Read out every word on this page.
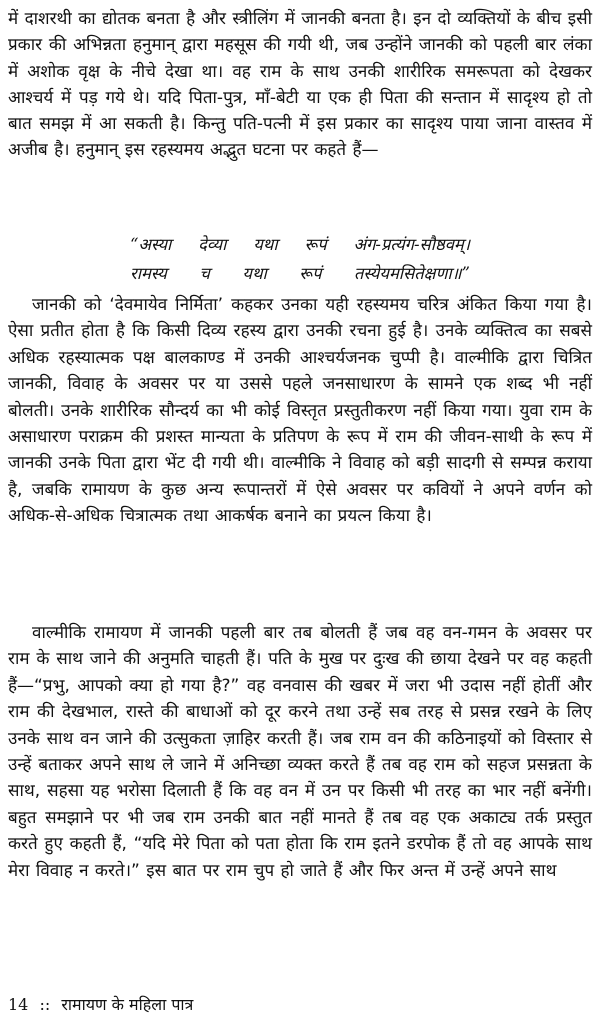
में दाशरथी का द्योतक बनता है और स्त्रीलिंग में जानकी बनता है। इन दो व्यक्तियों के बीच इसी प्रकार की अभिन्नता हनुमान् द्वारा महसूस की गयी थी, जब उन्होंने जानकी को पहली बार लंका में अशोक वृक्ष के नीचे देखा था। वह राम के साथ उनकी शारीरिक समरूपता को देखकर आश्चर्य में पड़ गये थे। यदि पिता-पुत्र, माँ-बेटी या एक ही पिता की सन्तान में सादृश्य हो तो बात समझ में आ सकती है। किन्तु पति-पत्नी में इस प्रकार का सादृश्य पाया जाना वास्तव में अजीब है। हनुमान् इस रहस्यमय अद्भुत घटना पर कहते हैं—

“अस्या देव्या यथा रूपं अंग-प्रत्यंग-सौष्ठवम्।
रामस्य च यथा रूपं तस्येयमसितेक्षणा॥”

जानकी को ‘देवमायेव निर्मिता’ कहकर उनका यही रहस्यमय चरित्र अंकित किया गया है। ऐसा प्रतीत होता है कि किसी दिव्य रहस्य द्वारा उनकी रचना हुई है। उनके व्यक्तित्व का सबसे अधिक रहस्यात्मक पक्ष बालकाण्ड में उनकी आश्चर्यजनक चुप्पी है। वाल्मीकि द्वारा चित्रित जानकी, विवाह के अवसर पर या उससे पहले जनसाधारण के सामने एक शब्द भी नहीं बोलती। उनके शारीरिक सौन्दर्य का भी कोई विस्तृत प्रस्तुतीकरण नहीं किया गया। युवा राम के असाधारण पराक्रम की प्रशस्त मान्यता के प्रतिपण के रूप में राम की जीवन-साथी के रूप में जानकी उनके पिता द्वारा भेंट दी गयी थी। वाल्मीकि ने विवाह को बड़ी सादगी से सम्पन्न कराया है, जबकि रामायण के कुछ अन्य रूपान्तरों में ऐसे अवसर पर कवियों ने अपने वर्णन को अधिक-से-अधिक चित्रात्मक तथा आकर्षक बनाने का प्रयत्न किया है।

वाल्मीकि रामायण में जानकी पहली बार तब बोलती हैं जब वह वन-गमन के अवसर पर राम के साथ जाने की अनुमति चाहती हैं। पति के मुख पर दुःख की छाया देखने पर वह कहती हैं—“प्रभु, आपको क्या हो गया है?” वह वनवास की खबर में जरा भी उदास नहीं होतीं और राम की देखभाल, रास्ते की बाधाओं को दूर करने तथा उन्हें सब तरह से प्रसन्न रखने के लिए उनके साथ वन जाने की उत्सुकता ज़ाहिर करती हैं। जब राम वन की कठिनाइयों को विस्तार से उन्हें बताकर अपने साथ ले जाने में अनिच्छा व्यक्त करते हैं तब वह राम को सहज प्रसन्नता के साथ, सहसा यह भरोसा दिलाती हैं कि वह वन में उन पर किसी भी तरह का भार नहीं बनेंगी। बहुत समझाने पर भी जब राम उनकी बात नहीं मानते हैं तब वह एक अकाट्य तर्क प्रस्तुत करते हुए कहती हैं, “यदि मेरे पिता को पता होता कि राम इतने डरपोक हैं तो वह आपके साथ मेरा विवाह न करते।” इस बात पर राम चुप हो जाते हैं और फिर अन्त में उन्हें अपने साथ

14 :: रामायण के महिला पात्र
